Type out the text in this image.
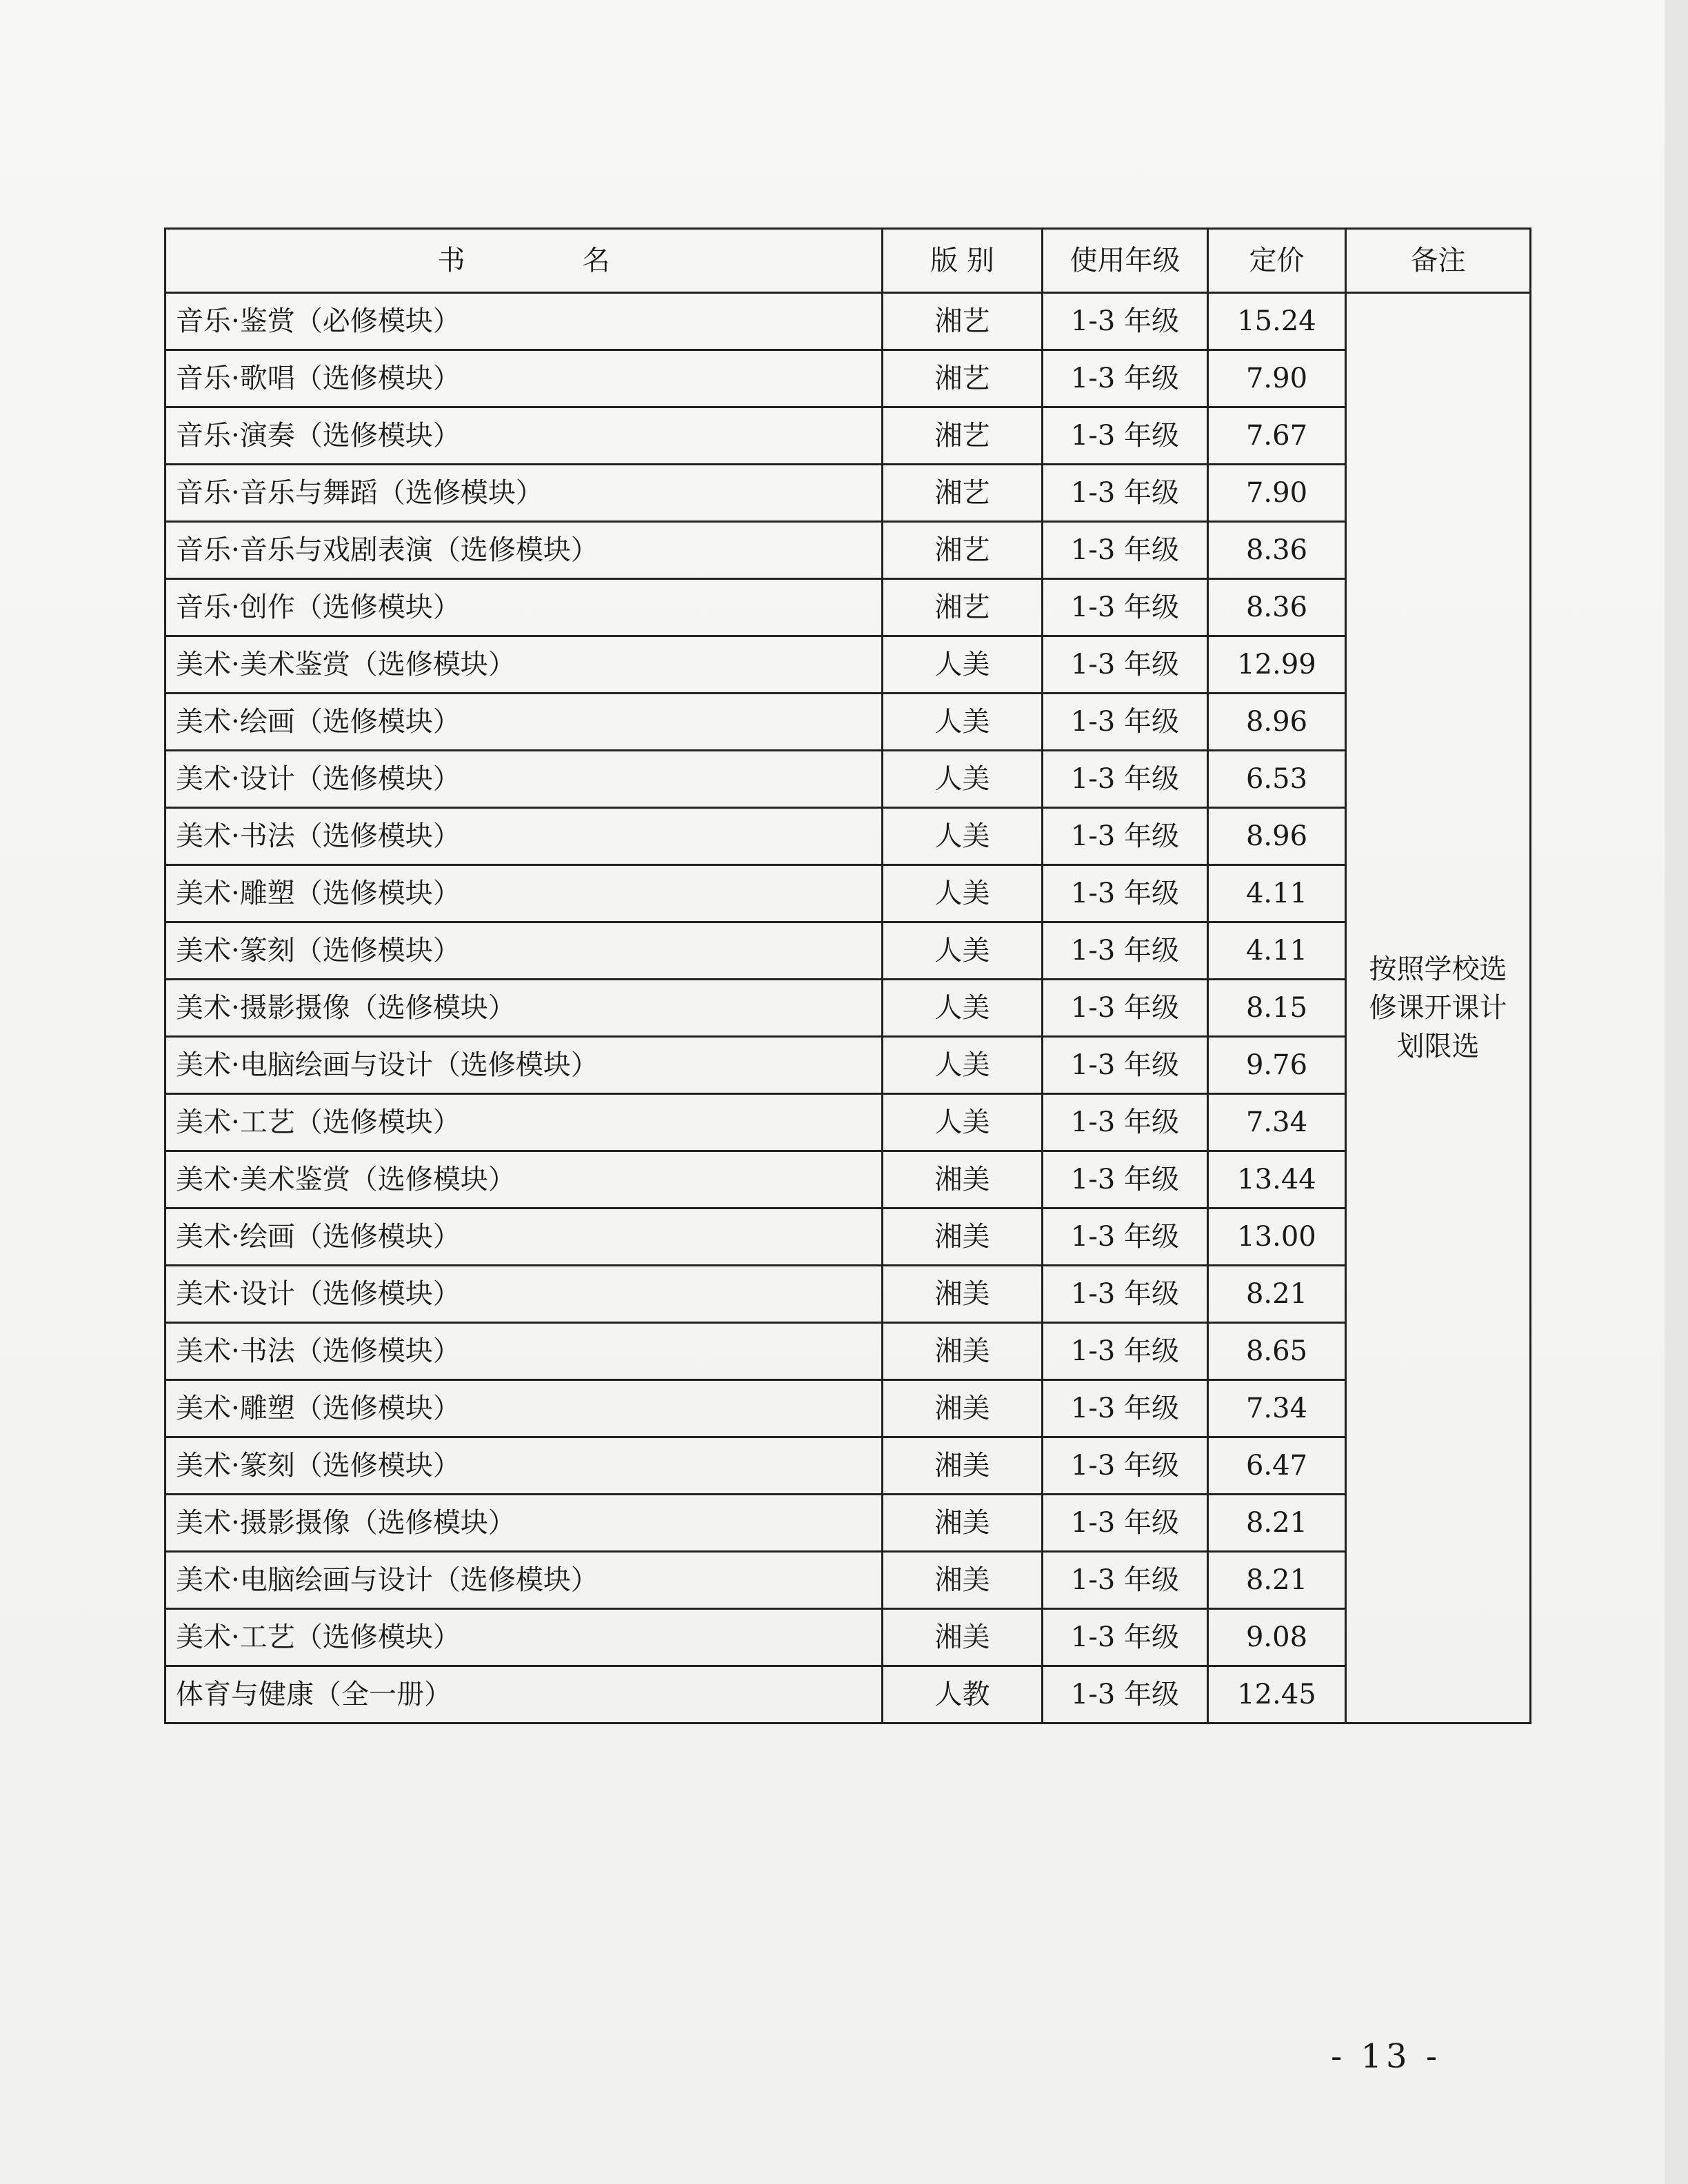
书 名	版 别	使用年级	定价	备注
音乐·鉴赏（必修模块）	湘艺	1-3 年级	15.24	按照学校选修课开课计划限选
音乐·歌唱（选修模块）	湘艺	1-3 年级	7.90	
音乐·演奏（选修模块）	湘艺	1-3 年级	7.67	
音乐·音乐与舞蹈（选修模块）	湘艺	1-3 年级	7.90	
音乐·音乐与戏剧表演（选修模块）	湘艺	1-3 年级	8.36	
音乐·创作（选修模块）	湘艺	1-3 年级	8.36	
美术·美术鉴赏（选修模块）	人美	1-3 年级	12.99	
美术·绘画（选修模块）	人美	1-3 年级	8.96	
美术·设计（选修模块）	人美	1-3 年级	6.53	
美术·书法（选修模块）	人美	1-3 年级	8.96	
美术·雕塑（选修模块）	人美	1-3 年级	4.11	
美术·篆刻（选修模块）	人美	1-3 年级	4.11	
美术·摄影摄像（选修模块）	人美	1-3 年级	8.15	
美术·电脑绘画与设计（选修模块）	人美	1-3 年级	9.76	
美术·工艺（选修模块）	人美	1-3 年级	7.34	
美术·美术鉴赏（选修模块）	湘美	1-3 年级	13.44	
美术·绘画（选修模块）	湘美	1-3 年级	13.00	
美术·设计（选修模块）	湘美	1-3 年级	8.21	
美术·书法（选修模块）	湘美	1-3 年级	8.65	
美术·雕塑（选修模块）	湘美	1-3 年级	7.34	
美术·篆刻（选修模块）	湘美	1-3 年级	6.47	
美术·摄影摄像（选修模块）	湘美	1-3 年级	8.21	
美术·电脑绘画与设计（选修模块）	湘美	1-3 年级	8.21	
美术·工艺（选修模块）	湘美	1-3 年级	9.08	
体育与健康（全一册）	人教	1-3 年级	12.45	
- 13 -
